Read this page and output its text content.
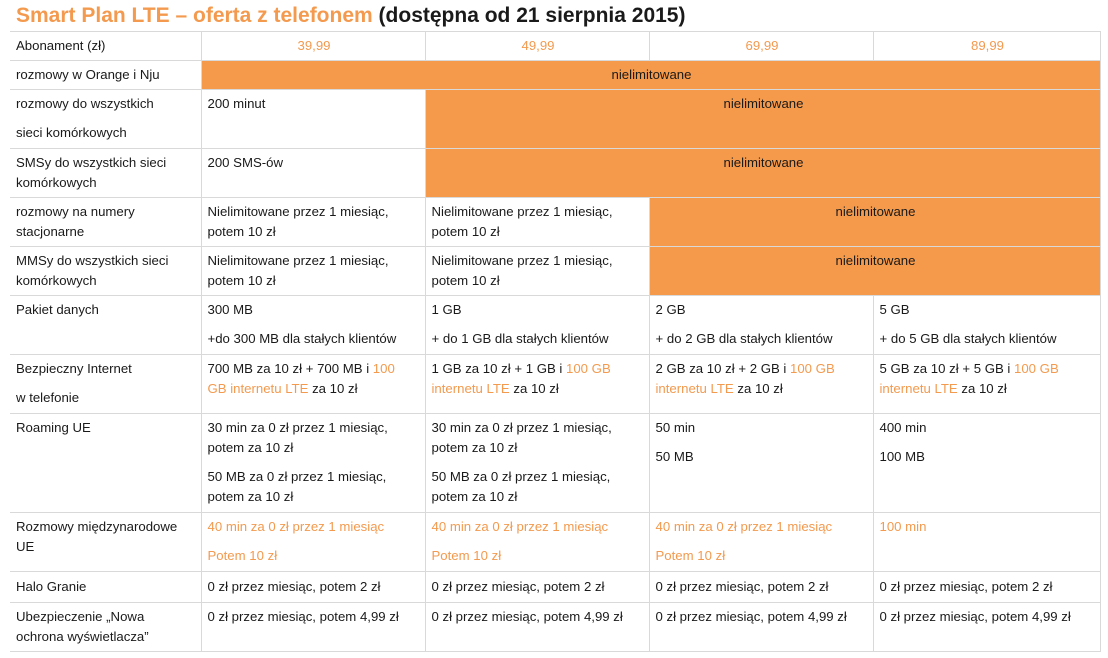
Smart Plan LTE – oferta z telefonem (dostępna od 21 sierpnia 2015)
Abonament (zł)	39,99	49,99	69,99	89,99
rozmowy w Orange i Nju	nielimitowane			

rozmowy do wszystkich
sieci komórkowych	200 minut	nielimitowane		

SMSy do wszystkich sieci
komórkowych	200 SMS-ów	nielimitowane		

rozmowy na numery
stacjonarne	Nielimitowane przez 1 miesiąc,
potem 10 zł	Nielimitowane przez 1 miesiąc,
potem 10 zł	nielimitowane	

MMSy do wszystkich sieci
komórkowych	Nielimitowane przez 1 miesiąc,
potem 10 zł	Nielimitowane przez 1 miesiąc,
potem 10 zł	nielimitowane	

Pakiet danych	300 MB
+do 300 MB dla stałych klientów	1 GB
+ do 1 GB dla stałych klientów	2 GB
+ do 2 GB dla stałych klientów	5 GB
+ do 5 GB dla stałych klientów

Bezpieczny Internet
w telefonie	700 MB za 10 zł + 700 MB i 100
GB internetu LTE za 10 zł	1 GB za 10 zł + 1 GB i 100 GB
internetu LTE za 10 zł	2 GB za 10 zł + 2 GB i 100 GB
internetu LTE za 10 zł	5 GB za 10 zł + 5 GB i 100 GB
internetu LTE za 10 zł

Roaming UE	30 min za 0 zł przez 1 miesiąc,
potem za 10 zł
50 MB za 0 zł przez 1 miesiąc,
potem za 10 zł	30 min za 0 zł przez 1 miesiąc,
potem za 10 zł
50 MB za 0 zł przez 1 miesiąc,
potem za 10 zł	50 min
50 MB	400 min
100 MB

Rozmowy międzynarodowe
UE	40 min za 0 zł przez 1 miesiąc
Potem 10 zł	40 min za 0 zł przez 1 miesiąc
Potem 10 zł	40 min za 0 zł przez 1 miesiąc
Potem 10 zł	100 min

Halo Granie	0 zł przez miesiąc, potem 2 zł	0 zł przez miesiąc, potem 2 zł	0 zł przez miesiąc, potem 2 zł	0 zł przez miesiąc, potem 2 zł

Ubezpieczenie „Nowa
ochrona wyświetlacza”	0 zł przez miesiąc, potem 4,99 zł	0 zł przez miesiąc, potem 4,99 zł	0 zł przez miesiąc, potem 4,99 zł	0 zł przez miesiąc, potem 4,99 zł
